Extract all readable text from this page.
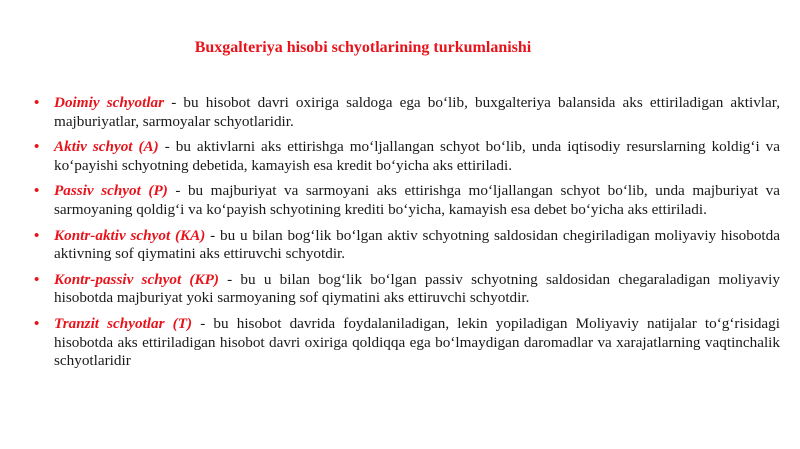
Buxgalteriya hisobi schyotlarining turkumlanishi
• Doimiy schyotlar - bu hisobot davri oxiriga saldoga ega bo‘lib, buxgalteriya balansida aks ettiriladigan aktivlar, majburiyatlar, sarmoyalar schyotlaridir.
• Aktiv schyot (A) - bu aktivlarni aks ettirishga mo‘ljallangan schyot bo‘lib, unda iqtisodiy resurslarning koldig‘i va ko‘payishi schyotning debetida, kamayish esa kredit bo‘yicha aks ettiriladi.
• Passiv schyot (P) - bu majburiyat va sarmoyani aks ettirishga mo‘ljallangan schyot bo‘lib, unda majburiyat va sarmoyaning qoldig‘i va ko‘payish schyotining krediti bo‘yicha, kamayish esa debet bo‘yicha aks ettiriladi.
• Kontr-aktiv schyot (KA) - bu u bilan bog‘lik bo‘lgan aktiv schyotning saldosidan chegiriladigan moliyaviy hisobotda aktivning sof qiymatini aks ettiruvchi schyotdir.
• Kontr-passiv schyot (KP) - bu u bilan bog‘lik bo‘lgan passiv schyotning saldosidan chegaraladigan moliyaviy hisobotda majburiyat yoki sarmoyaning sof qiymatini aks ettiruvchi schyotdir.
• Tranzit schyotlar (T) - bu hisobot davrida foydalaniladigan, lekin yopiladigan Moliyaviy natijalar to‘g‘risidagi hisobotda aks ettiriladigan hisobot davri oxiriga qoldiqqa ega bo‘lmaydigan daromadlar va xarajatlarning vaqtinchalik schyotlaridir
